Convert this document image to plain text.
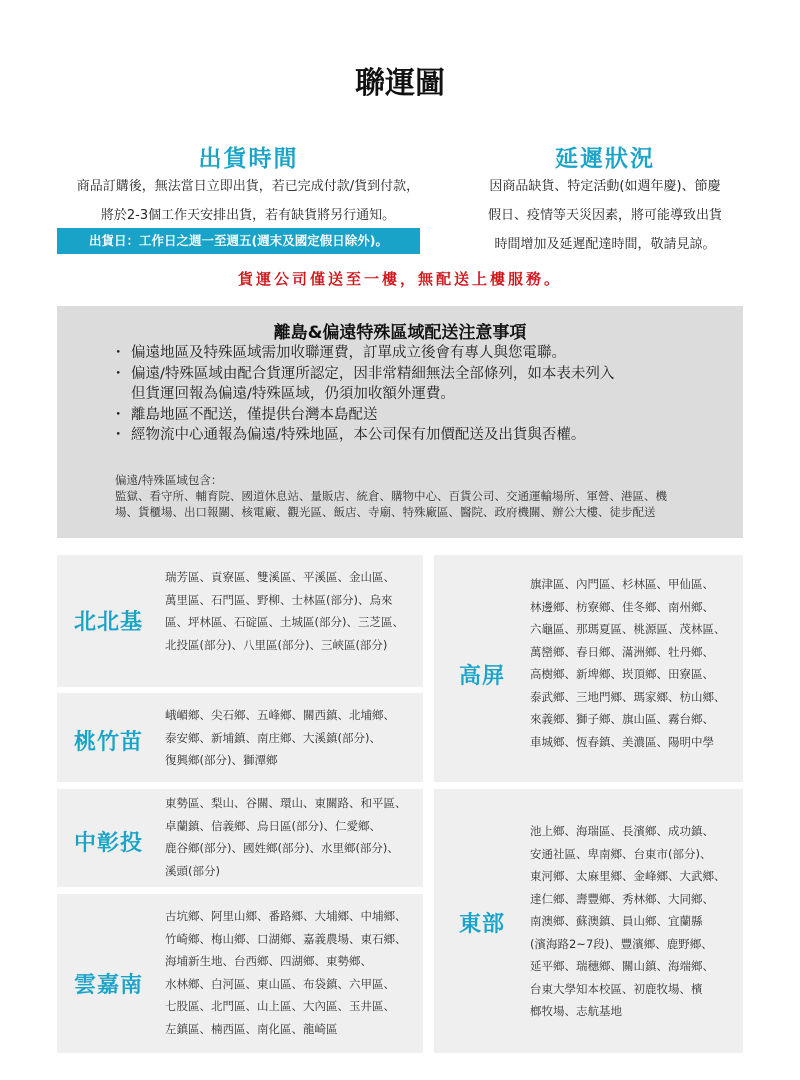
聯運圖
出貨時間
商品訂購後，無法當日立即出貨，若已完成付款/貨到付款，
將於2-3個工作天安排出貨，若有缺貨將另行通知。
出貨日：工作日之週一至週五(週末及國定假日除外)。
延遲狀況
因商品缺貨、特定活動(如週年慶)、節慶
假日、疫情等天災因素，將可能導致出貨
時間增加及延遲配達時間，敬請見諒。
貨運公司僅送至一樓，無配送上樓服務。
離島&偏遠特殊區域配送注意事項
・ 偏遠地區及特殊區域需加收聯運費，訂單成立後會有專人與您電聯。
・ 偏遠/特殊區域由配合貨運所認定，因非常精細無法全部條列，如本表未列入
但貨運回報為偏遠/特殊區域，仍須加收額外運費。
・ 離島地區不配送，僅提供台灣本島配送
・ 經物流中心通報為偏遠/特殊地區，本公司保有加價配送及出貨與否權。
偏遠/特殊區域包含：
監獄、看守所、輔育院、國道休息站、量販店、統倉、購物中心、百貨公司、交通運輸場所、軍營、港區、機
場、貨櫃場、出口報關、核電廠、觀光區、飯店、寺廟、特殊廠區、醫院、政府機關、辦公大樓、徒步配送
北北基
瑞芳區、貢寮區、雙溪區、平溪區、金山區、
萬里區、石門區、野柳、士林區(部分)、烏來
區、坪林區、石碇區、土城區(部分)、三芝區、
北投區(部分)、八里區(部分)、三峽區(部分)
桃竹苗
峨嵋鄉、尖石鄉、五峰鄉、關西鎮、北埔鄉、
泰安鄉、新埔鎮、南庄鄉、大溪鎮(部分)、
復興鄉(部分)、獅潭鄉
中彰投
東勢區、梨山、谷關、環山、東關路、和平區、
卓蘭鎮、信義鄉、烏日區(部分)、仁愛鄉、
鹿谷鄉(部分)、國姓鄉(部分)、水里鄉(部分)、
溪頭(部分)
雲嘉南
古坑鄉、阿里山鄉、番路鄉、大埔鄉、中埔鄉、
竹崎鄉、梅山鄉、口湖鄉、嘉義農場、東石鄉、
海埔新生地、台西鄉、四湖鄉、東勢鄉、
水林鄉、白河區、東山區、布袋鎮、六甲區、
七股區、北門區、山上區、大內區、玉井區、
左鎮區、楠西區、南化區、龍崎區
高屏
旗津區、內門區、杉林區、甲仙區、
林邊鄉、枋寮鄉、佳冬鄉、南州鄉、
六龜區、那瑪夏區、桃源區、茂林區、
萬巒鄉、春日鄉、滿洲鄉、牡丹鄉、
高樹鄉、新埤鄉、崁頂鄉、田寮區、
泰武鄉、三地門鄉、瑪家鄉、枋山鄉、
來義鄉、獅子鄉、旗山區、霧台鄉、
車城鄉、恆春鎮、美濃區、陽明中學
東部
池上鄉、海瑞區、長濱鄉、成功鎮、
安通社區、卑南鄉、台東市(部分)、
東河鄉、太麻里鄉、金峰鄉、大武鄉、
達仁鄉、壽豐鄉、秀林鄉、大同鄉、
南澳鄉、蘇澳鎮、員山鄉、宜蘭縣
(濱海路2~7段)、豐濱鄉、鹿野鄉、
延平鄉、瑞穗鄉、關山鎮、海端鄉、
台東大學知本校區、初鹿牧場、檳
榔牧場、志航基地
